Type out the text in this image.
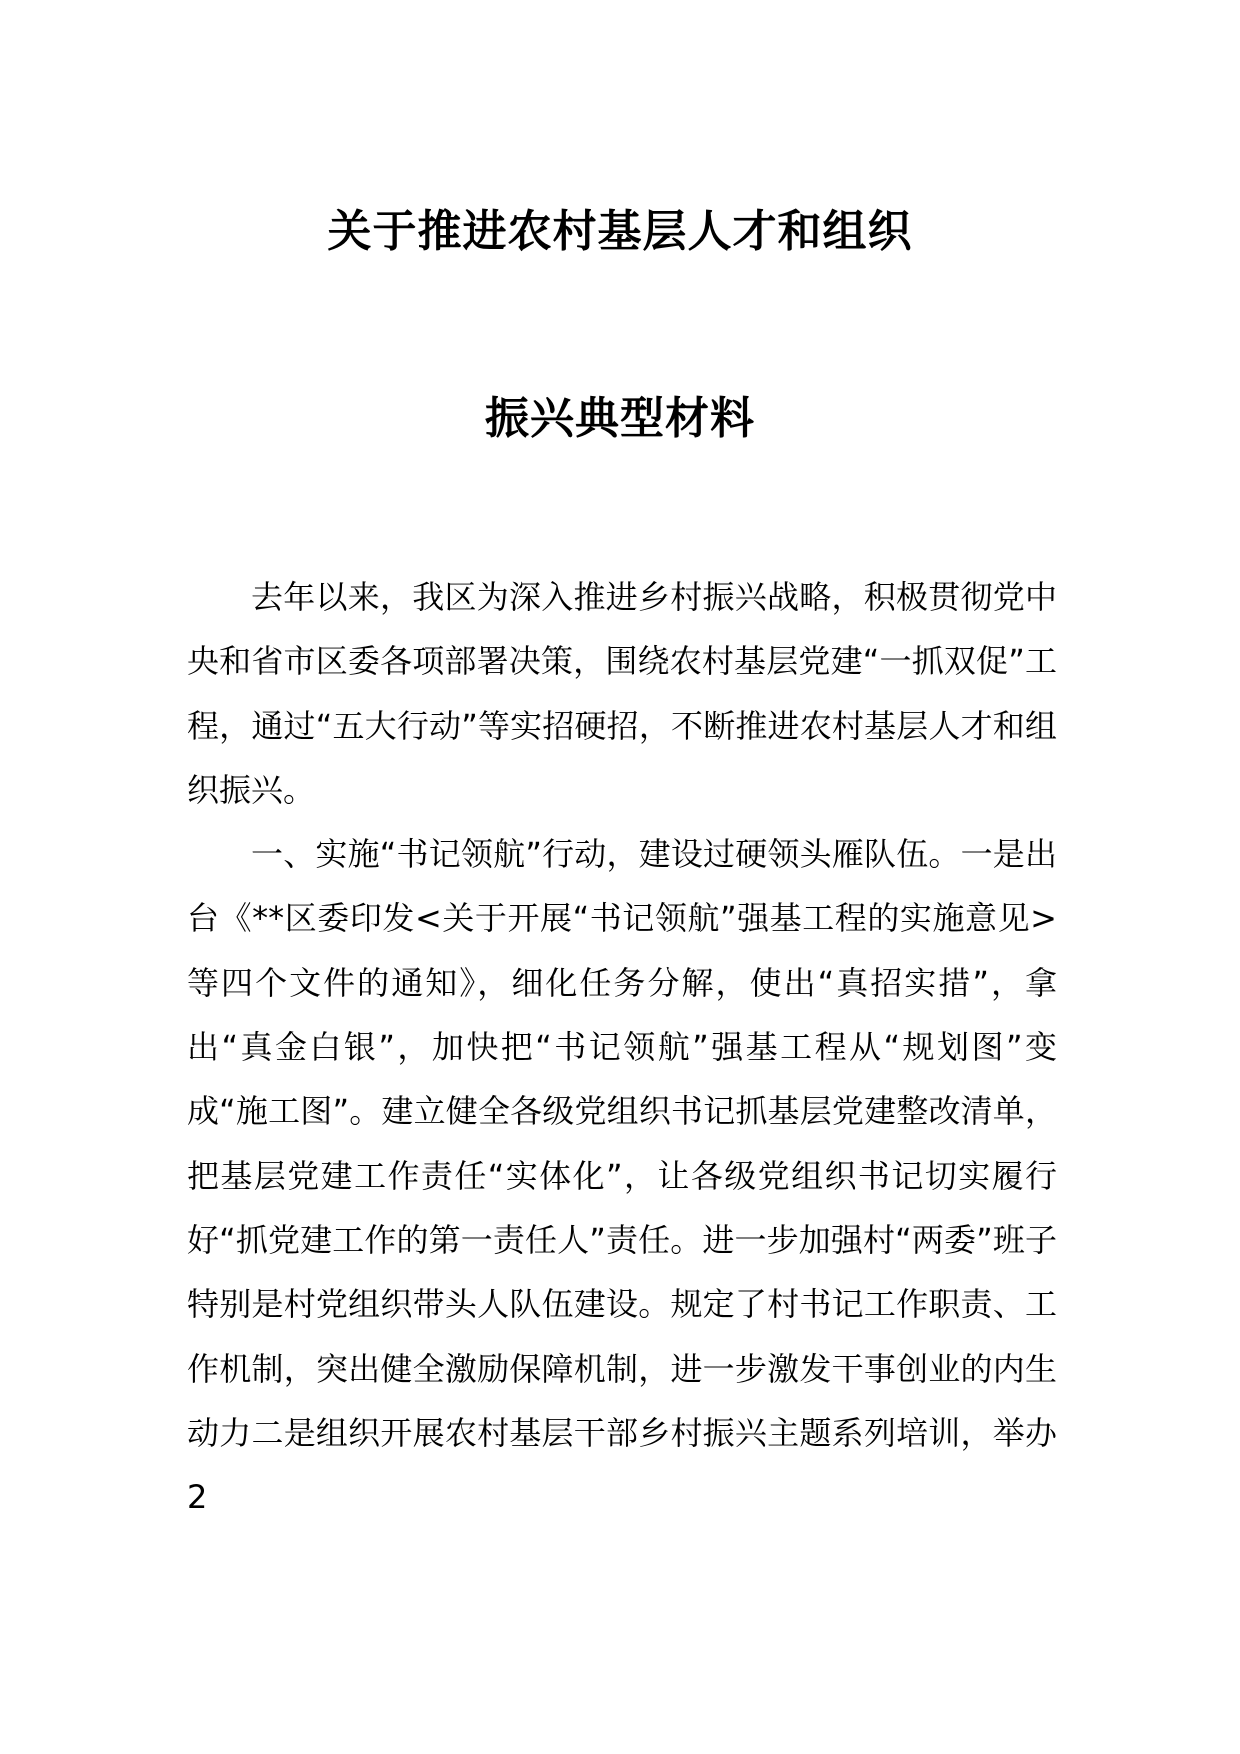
关于推进农村基层人才和组织
振兴典型材料

去年以来，我区为深入推进乡村振兴战略，积极贯彻党中央和省市区委各项部署决策，围绕农村基层党建“一抓双促”工程，通过“五大行动”等实招硬招，不断推进农村基层人才和组织振兴。

一、实施“书记领航”行动，建设过硬领头雁队伍。一是出台《**区委印发<关于开展“书记领航”强基工程的实施意见>等四个文件的通知》，细化任务分解，使出“真招实措”，拿出“真金白银”，加快把“书记领航”强基工程从“规划图”变成“施工图”。建立健全各级党组织书记抓基层党建整改清单，把基层党建工作责任“实体化”，让各级党组织书记切实履行好“抓党建工作的第一责任人”责任。进一步加强村“两委”班子特别是村党组织带头人队伍建设。规定了村书记工作职责、工作机制，突出健全激励保障机制，进一步激发干事创业的内生动力二是组织开展农村基层干部乡村振兴主题系列培训，举办 2
